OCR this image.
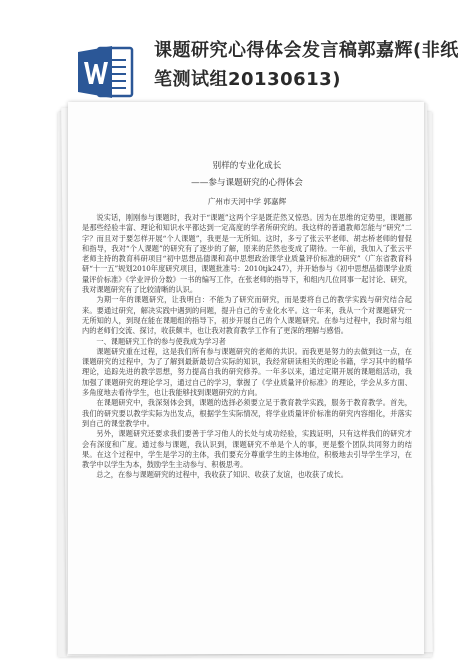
课题研究心得体会发言稿郭嘉辉(非纸笔测试组20130613)
别样的专业化成长
——参与课题研究的心得体会
广州市天河中学 郭嘉辉

说实话，刚刚参与课题时，我对于“课题”这两个字是既茫然又惊恐。因为在思维的定势里，课题都是那些经验丰富、理论和知识水平都达到一定高度的学者所研究的。我这样的普通教师怎能与“研究”二字？而且对于要怎样开展“个人课题”，我更是一无所知。这时，多亏了张云平老师、胡志桥老师的督促和指导，我对“个人课题”的研究有了逐步的了解，原来的茫然也变成了期待。一年前，我加入了张云平老师主持的教育科研项目“初中思想品德课和高中思想政治课学业质量评价标准的研究”（广东省教育科研“十一五”规划2010年度研究项目，课题批准号：2010tjk247），并开始参与《初中思想品德课学业质量评价标准》《学业评价分数》一书的编写工作，在张老师的指导下，和组内几位同事一起讨论、研究，我对课题研究有了比较清晰的认识。

为期一年的课题研究，让我明白：不能为了研究而研究，而是要将自己的教学实践与研究结合起来。要通过研究，解决实践中遇到的问题，提升自己的专业化水平。这一年来，我从一个对课题研究一无所知的人，到现在能在课题组的指导下，初步开展自己的个人课题研究。在参与过程中，我时常与组内的老师们交流、探讨，收获颇丰，也让我对教育教学工作有了更深的理解与感悟。

一、课题研究工作的参与使我成为学习者

课题研究重在过程，这是我们所有参与课题研究的老师的共识。而我更是努力的去做到这一点，在课题研究的过程中，为了了解到最新最切合实际的知识，我经常研读相关的理论书籍，学习其中的精华理论，追踪先进的教学思想，努力提高自我的研究修养。一年多以来，通过定期开展的课题组活动，我加强了课题研究的理论学习，通过自己的学习，掌握了《学业质量评价标准》的理论，学会从多方面、多角度地去看待学生，也让我能够找到课题研究的方向。

在课题研究中，我深刻体会到，课题的选择必须要立足于教育教学实践，服务于教育教学。首先，我们的研究要以教学实际为出发点，根据学生实际情况，将学业质量评价标准的研究内容细化，并落实到自己的课堂教学中。

另外，课题研究还要求我们要善于学习他人的长处与成功经验，实践证明，只有这样我们的研究才会有深度和广度。通过参与课题，我认识到，课题研究不单是个人的事，更是整个团队共同努力的结果。在这个过程中，学生是学习的主体，我们要充分尊重学生的主体地位，积极地去引导学生学习，在教学中以学生为本，鼓励学生主动参与、积极思考。

总之，在参与课题研究的过程中，我收获了知识、收获了友谊，也收获了成长。
